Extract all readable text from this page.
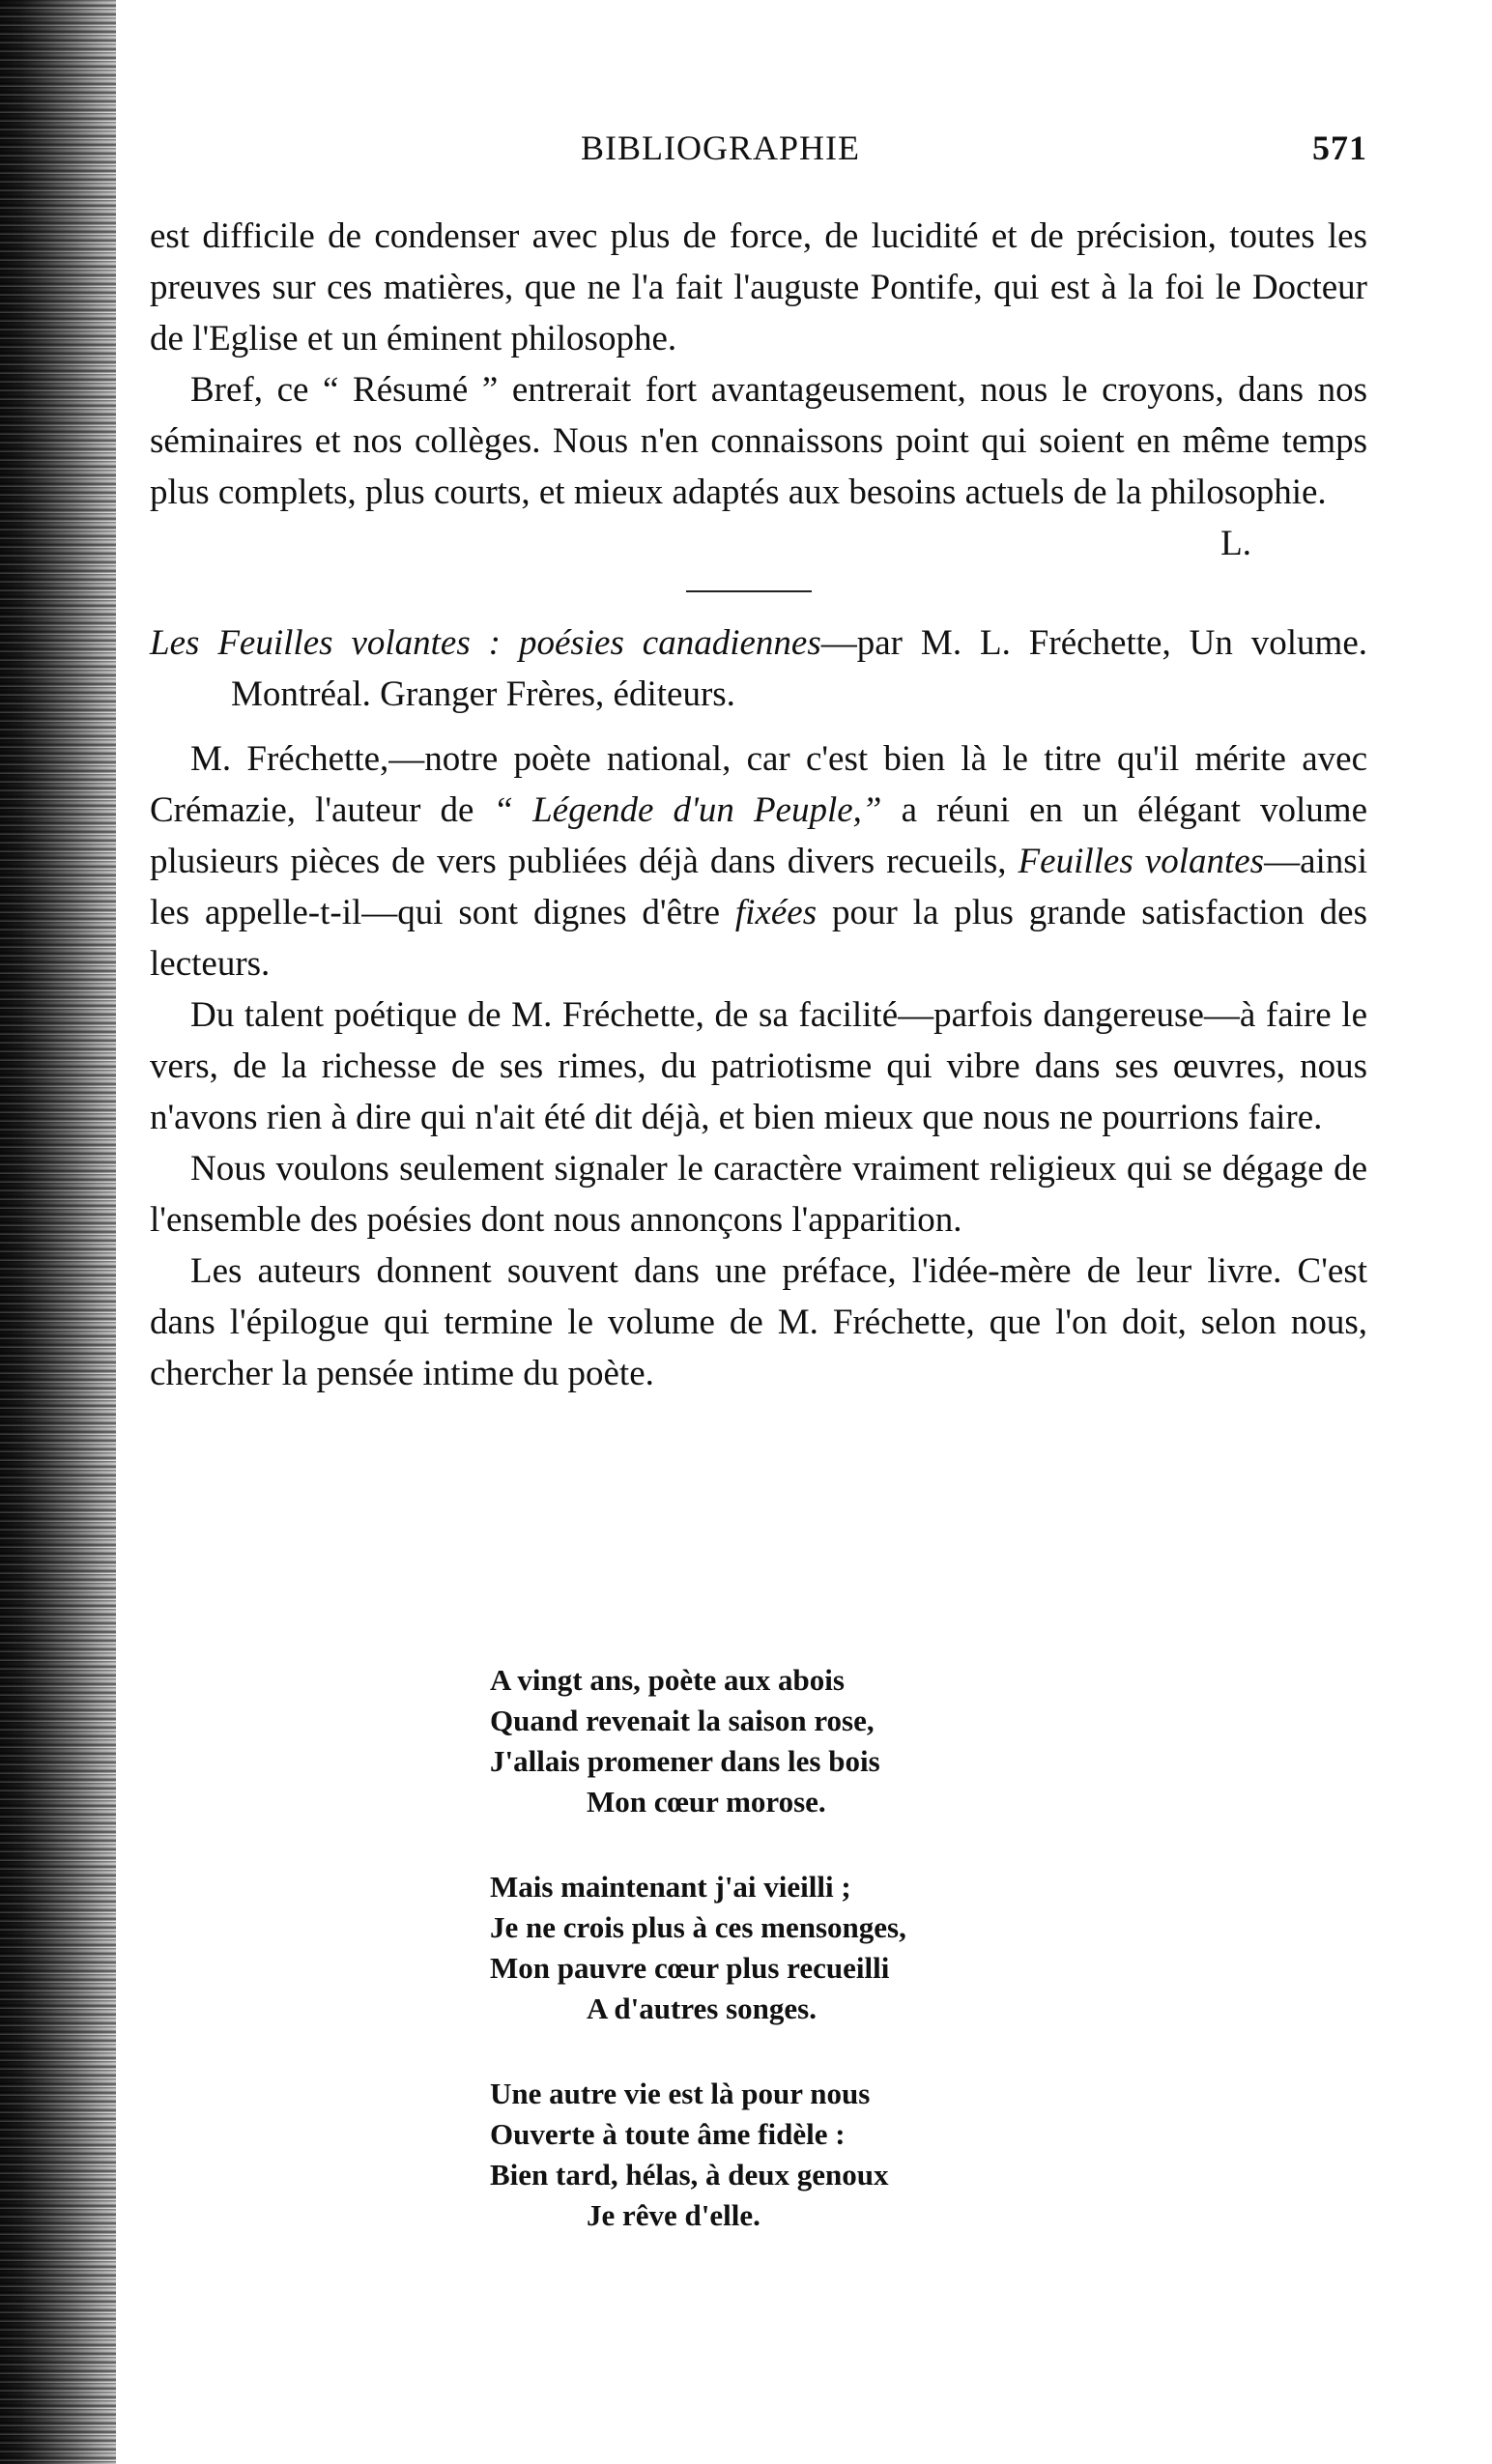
BIBLIOGRAPHIE	571

est difficile de condenser avec plus de force, de lucidité et de précision, toutes les preuves sur ces matières, que ne l'a fait l'auguste Pontife, qui est à la foi le Docteur de l'Eglise et un éminent philosophe.

Bref, ce “ Résumé ” entrerait fort avantageusement, nous le croyons, dans nos séminaires et nos collèges. Nous n'en connaissons point qui soient en même temps plus complets, plus courts, et mieux adaptés aux besoins actuels de la philosophie.

L.

Les Feuilles volantes : poésies canadiennes—par M. L. Fréchette, Un volume. Montréal. Granger Frères, éditeurs.

M. Fréchette,—notre poète national, car c'est bien là le titre qu'il mérite avec Crémazie, l'auteur de “ Légende d'un Peuple,” a réuni en un élégant volume plusieurs pièces de vers publiées déjà dans divers recueils, Feuilles volantes—ainsi les appelle-t-il—qui sont dignes d'être fixées pour la plus grande satisfaction des lecteurs.

Du talent poétique de M. Fréchette, de sa facilité—parfois dangereuse—à faire le vers, de la richesse de ses rimes, du patriotisme qui vibre dans ses œuvres, nous n'avons rien à dire qui n'ait été dit déjà, et bien mieux que nous ne pourrions faire.

Nous voulons seulement signaler le caractère vraiment religieux qui se dégage de l'ensemble des poésies dont nous annonçons l'apparition.

Les auteurs donnent souvent dans une préface, l'idée-mère de leur livre. C'est dans l'épilogue qui termine le volume de M. Fréchette, que l'on doit, selon nous, chercher la pensée intime du poète.

A vingt ans, poète aux abois
Quand revenait la saison rose,
J'allais promener dans les bois
Mon cœur morose.
Mais maintenant j'ai vieilli ;
Je ne crois plus à ces mensonges,
Mon pauvre cœur plus recueilli
A d'autres songes.
Une autre vie est là pour nous
Ouverte à toute âme fidèle :
Bien tard, hélas, à deux genoux
Je rêve d'elle.
